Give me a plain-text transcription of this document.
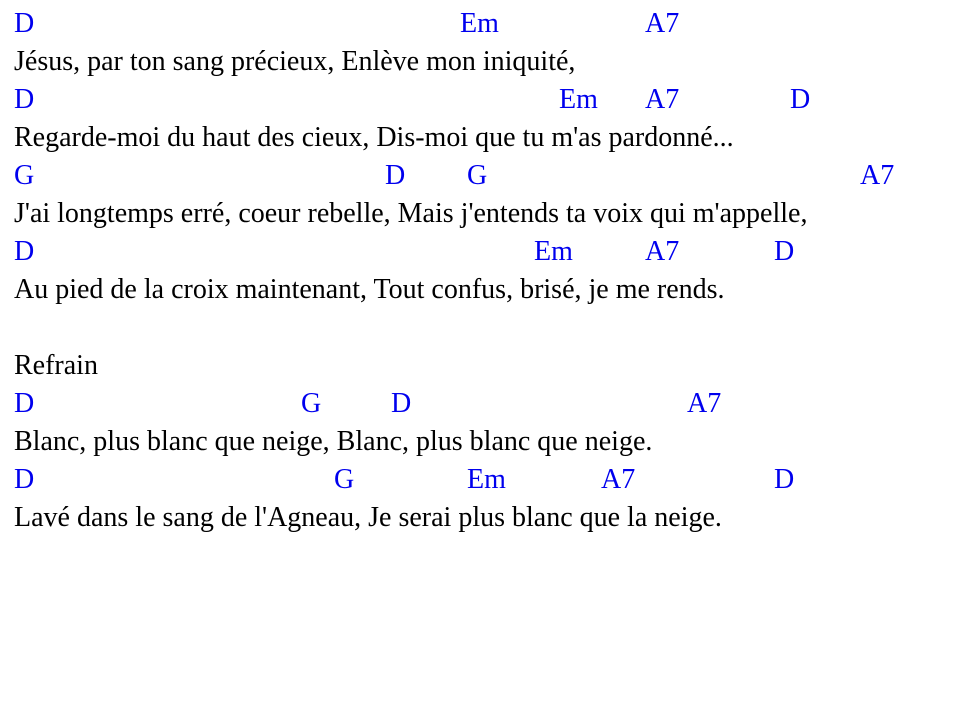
D

	Em

	A7

Jésus, par ton sang précieux, Enlève mon iniquité,

D

	Em

A7

	D

Regarde-moi du haut des cieux, Dis-moi que tu m'as pardonné...

G

	D

G

	A7

J'ai longtemps erré, coeur rebelle, Mais j'entends ta voix qui m'appelle,

D

	Em

	A7

	D

Au pied de la croix maintenant, Tout confus, brisé, je me rends.
Refrain

D

	G

D

	A7

Blanc, plus blanc que neige, Blanc, plus blanc que neige.

D

	G

	Em

	A7

	D

Lavé dans le sang de l'Agneau, Je serai plus blanc que la neige.
